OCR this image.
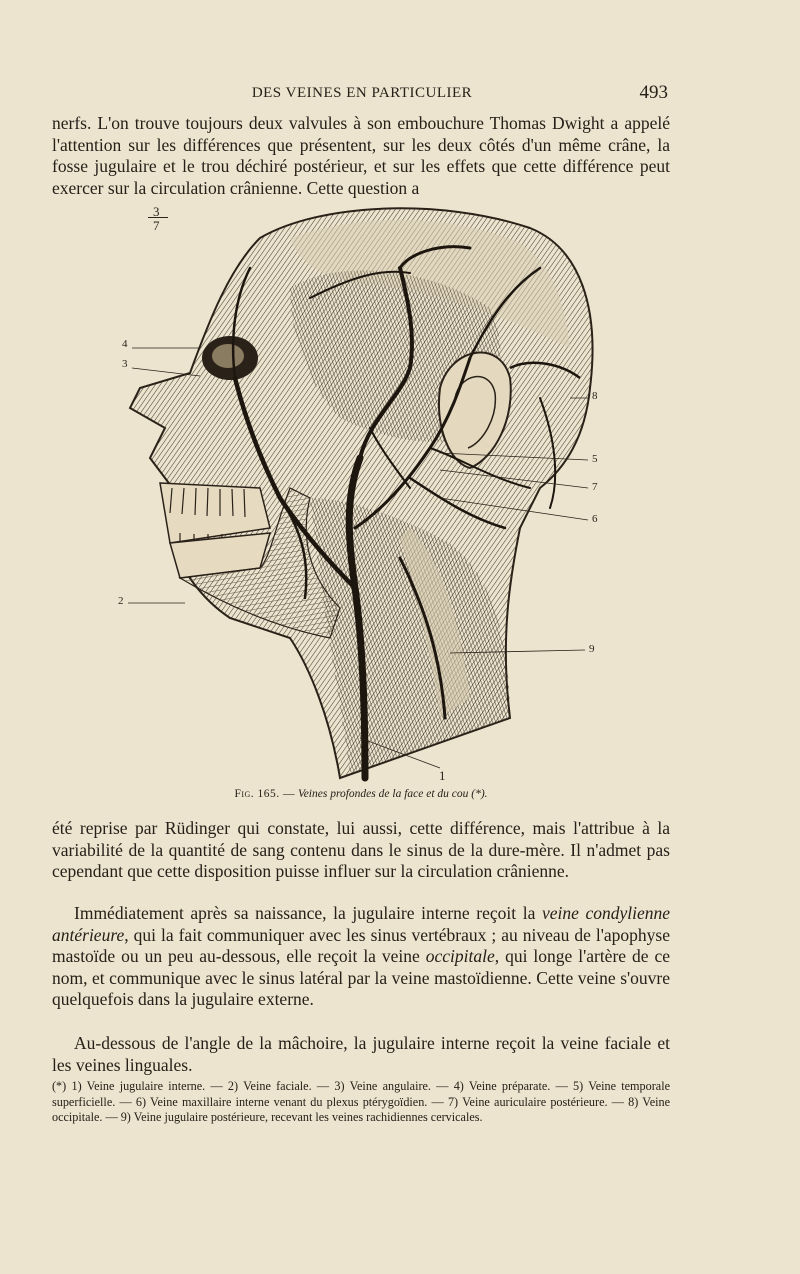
DES VEINES EN PARTICULIER	493

nerfs. L'on trouve toujours deux valvules à son embouchure Thomas Dwight a appelé l'attention sur les différences que présentent, sur les deux côtés d'un même crâne, la fosse jugulaire et le trou déchiré postérieur, et sur les effets que cette différence peut exercer sur la circulation crânienne. Cette question a

3
7
4
3
2
8
5
7
6
9
1
Fig. 165. — Veines profondes de la face et du cou (*).

été reprise par Rüdinger qui constate, lui aussi, cette différence, mais l'attribue à la variabilité de la quantité de sang contenu dans le sinus de la dure-mère. Il n'admet pas cependant que cette disposition puisse influer sur la circulation crânienne.

Immédiatement après sa naissance, la jugulaire interne reçoit la veine condylienne antérieure, qui la fait communiquer avec les sinus vertébraux ; au niveau de l'apophyse mastoïde ou un peu au-dessous, elle reçoit la veine occipitale, qui longe l'artère de ce nom, et communique avec le sinus latéral par la veine mastoïdienne. Cette veine s'ouvre quelquefois dans la jugulaire externe.

Au-dessous de l'angle de la mâchoire, la jugulaire interne reçoit la veine faciale et les veines linguales.

(*) 1) Veine jugulaire interne. — 2) Veine faciale. — 3) Veine angulaire. — 4) Veine préparate. — 5) Veine temporale superficielle. — 6) Veine maxillaire interne venant du plexus ptérygoïdien. — 7) Veine auriculaire postérieure. — 8) Veine occipitale. — 9) Veine jugulaire postérieure, recevant les veines rachidiennes cervicales.
